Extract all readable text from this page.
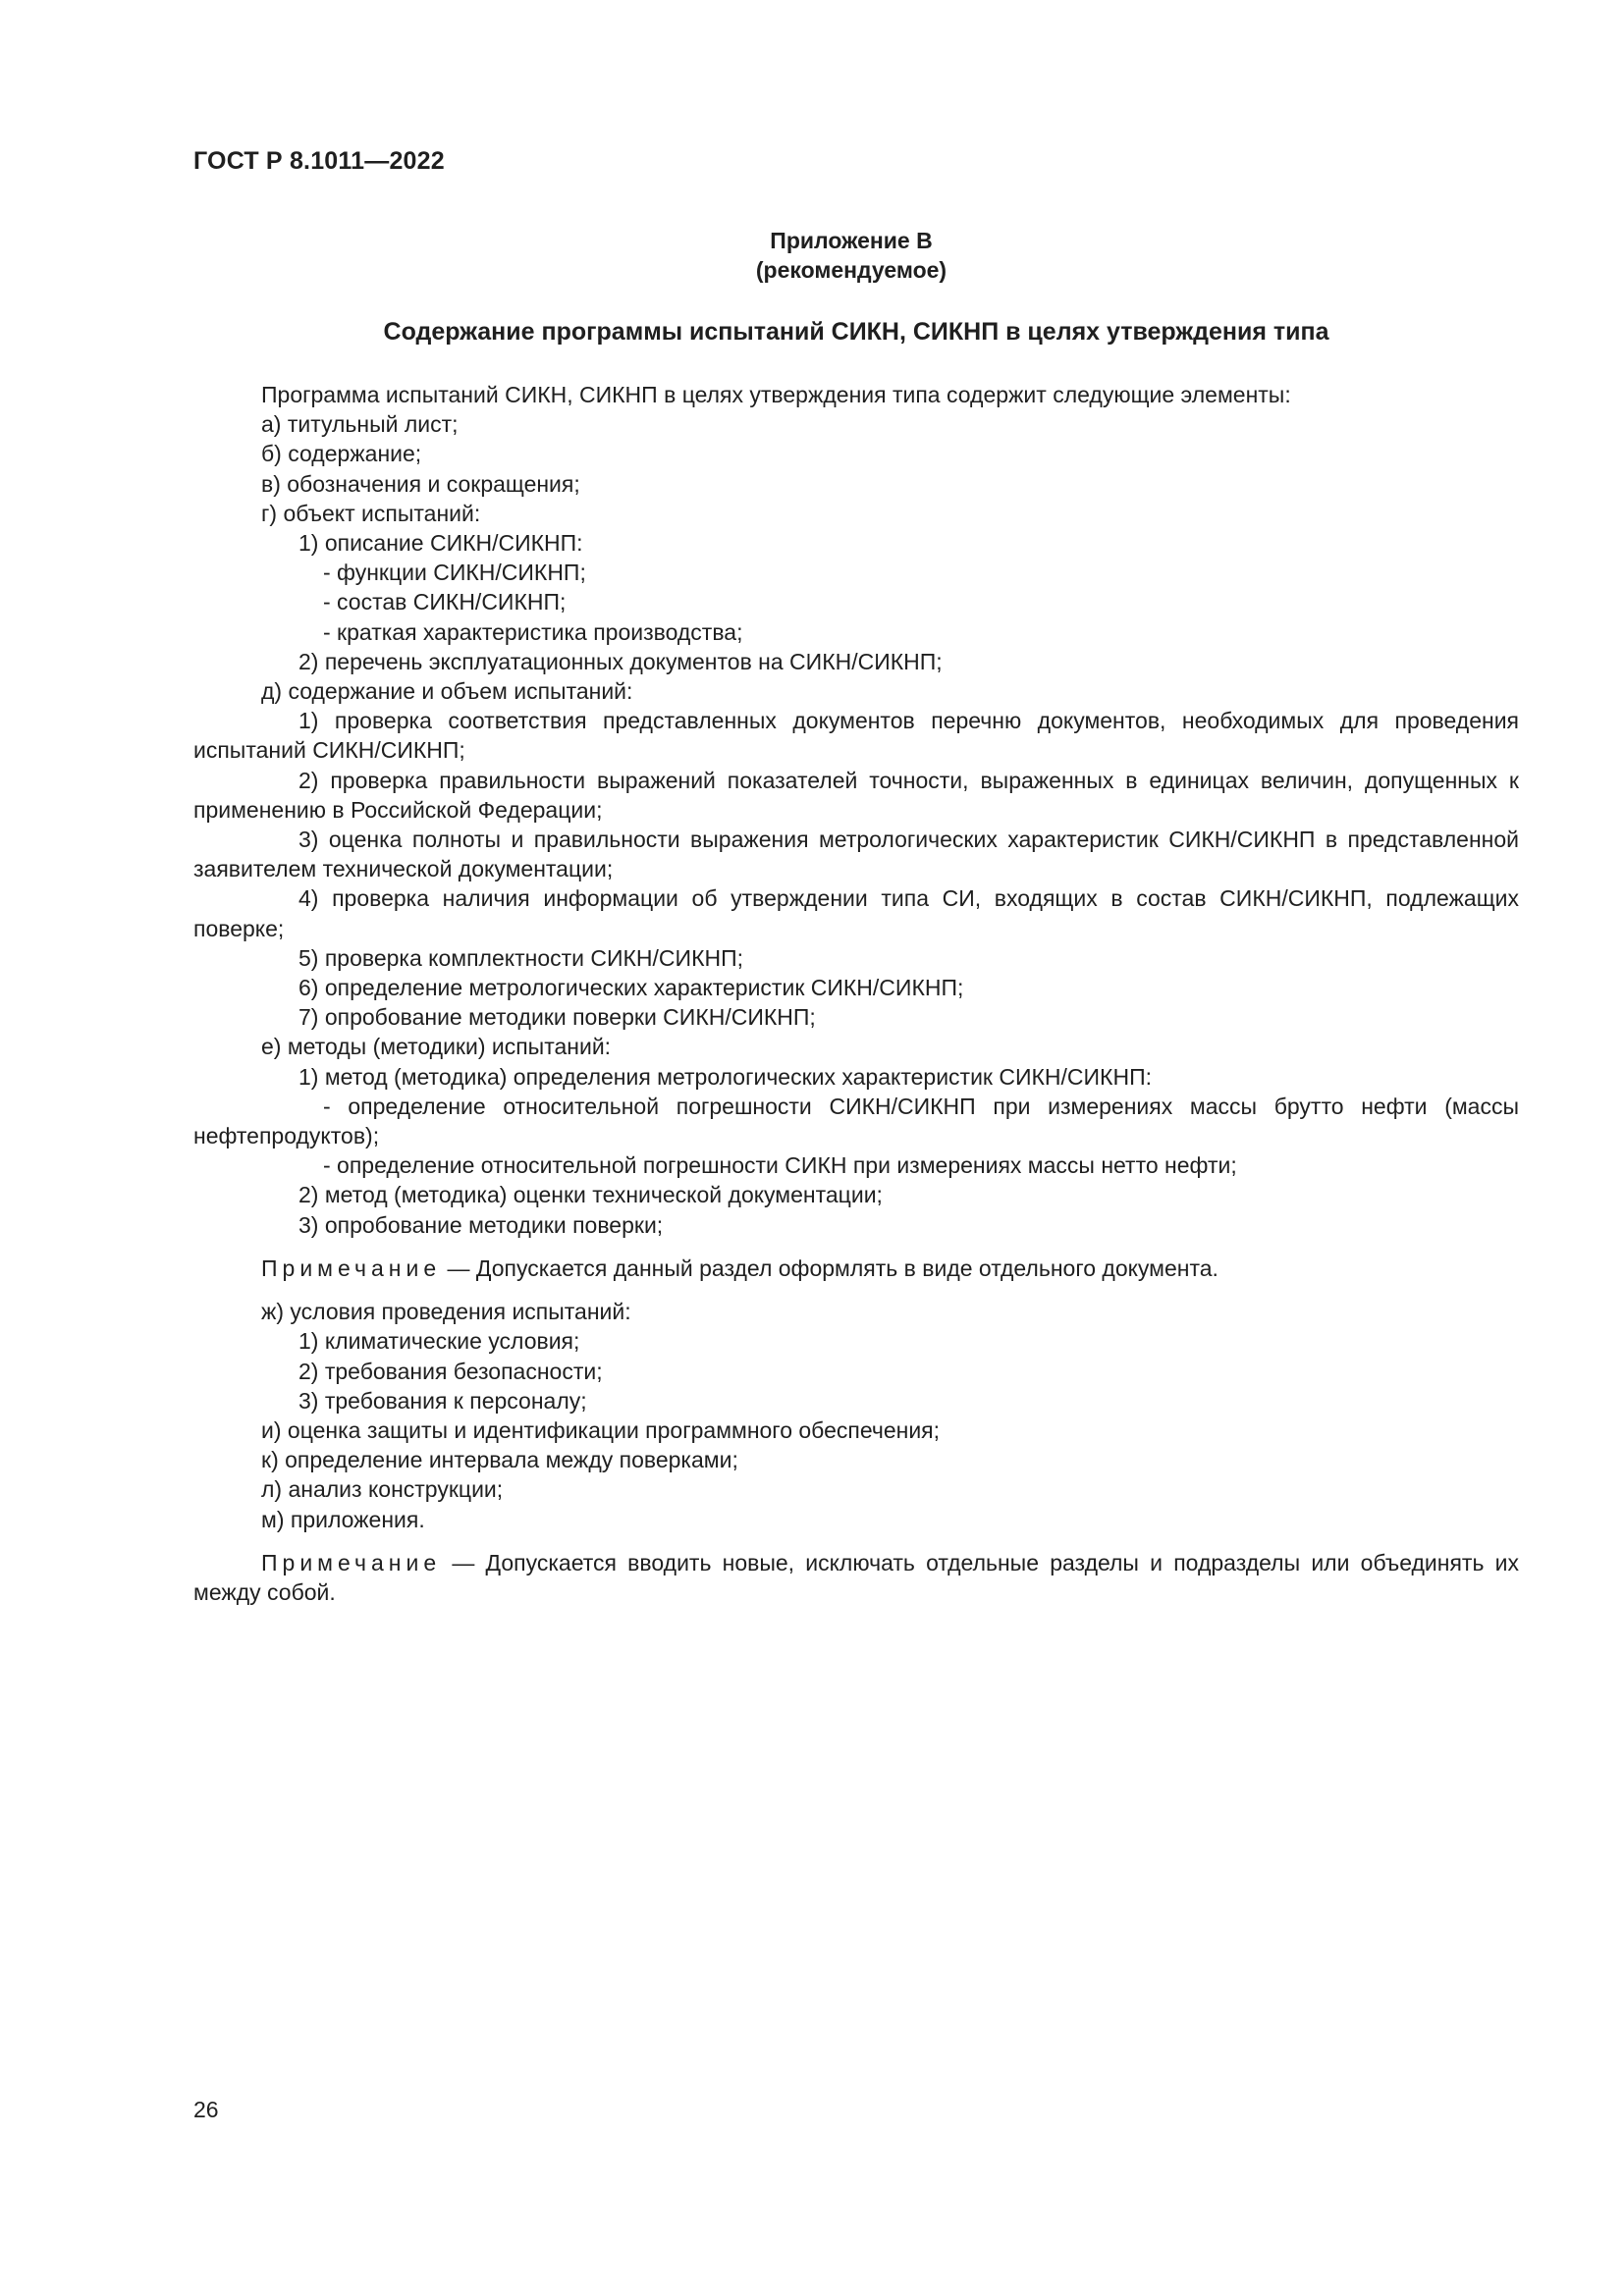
ГОСТ Р 8.1011—2022
Приложение В
(рекомендуемое)
Содержание программы испытаний СИКН, СИКНП в целях утверждения типа
Программа испытаний СИКН, СИКНП в целях утверждения типа содержит следующие элементы:
а) титульный лист;
б) содержание;
в) обозначения и сокращения;
г) объект испытаний:
1) описание СИКН/СИКНП:
- функции СИКН/СИКНП;
- состав СИКН/СИКНП;
- краткая характеристика производства;
2) перечень эксплуатационных документов на СИКН/СИКНП;
д) содержание и объем испытаний:
1) проверка соответствия представленных документов перечню документов, необходимых для проведения испытаний СИКН/СИКНП;
2) проверка правильности выражений показателей точности, выраженных в единицах величин, допущенных к применению в Российской Федерации;
3) оценка полноты и правильности выражения метрологических характеристик СИКН/СИКНП в представленной заявителем технической документации;
4) проверка наличия информации об утверждении типа СИ, входящих в состав СИКН/СИКНП, подлежащих поверке;
5) проверка комплектности СИКН/СИКНП;
6) определение метрологических характеристик СИКН/СИКНП;
7) опробование методики поверки СИКН/СИКНП;
е) методы (методики) испытаний:
1) метод (методика) определения метрологических характеристик СИКН/СИКНП:
- определение относительной погрешности СИКН/СИКНП при измерениях массы брутто нефти (массы нефтепродуктов);
- определение относительной погрешности СИКН при измерениях массы нетто нефти;
2) метод (методика) оценки технической документации;
3) опробование методики поверки;
Примечание — Допускается данный раздел оформлять в виде отдельного документа.
ж) условия проведения испытаний:
1) климатические условия;
2) требования безопасности;
3) требования к персоналу;
и) оценка защиты и идентификации программного обеспечения;
к) определение интервала между поверками;
л) анализ конструкции;
м) приложения.
Примечание — Допускается вводить новые, исключать отдельные разделы и подразделы или объединять их между собой.
26
